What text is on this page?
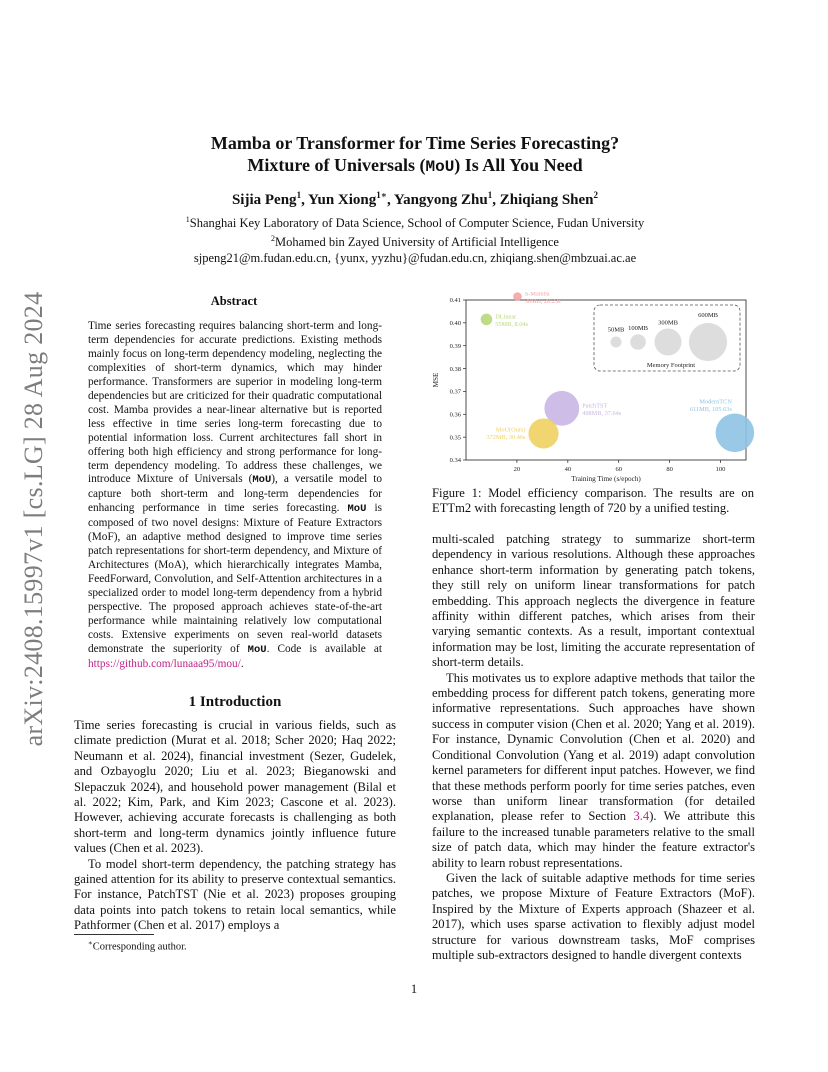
arXiv:2408.15997v1 [cs.LG] 28 Aug 2024
Mamba or Transformer for Time Series Forecasting?
Mixture of Universals (MoU) Is All You Need
Sijia Peng$^1$, Yun Xiong$^{1∗}$, Yangyong Zhu$^1$, Zhiqiang Shen$^2$
$^1$Shanghai Key Laboratory of Data Science, School of Computer Science, Fudan University
$^2$Mohamed bin Zayed University of Artificial Intelligence
sjpeng21@m.fudan.edu.cn, {yunx, yyzhu}@fudan.edu.cn, zhiqiang.shen@mbzuai.ac.ae
Abstract
Time series forecasting requires balancing short-term and long-term dependencies for accurate predictions. Existing methods mainly focus on long-term dependency modeling, neglecting the complexities of short-term dynamics, which may hinder performance. Transformers are superior in modeling long-term dependencies but are criticized for their quadratic computational cost. Mamba provides a near-linear alternative but is reported less effective in time series long-term forecasting due to potential information loss. Current architectures fall short in offering both high efficiency and strong performance for long-term dependency modeling. To address these challenges, we introduce Mixture of Universals (MoU), a versatile model to capture both short-term and long-term dependencies for enhancing performance in time series forecasting. MoU is composed of two novel designs: Mixture of Feature Extractors (MoF), an adaptive method designed to improve time series patch representations for short-term dependency, and Mixture of Architectures (MoA), which hierarchically integrates Mamba, FeedForward, Convolution, and Self-Attention architectures in a specialized order to model long-term dependency from a hybrid perspective. The proposed approach achieves state-of-the-art performance while maintaining relatively low computational costs. Extensive experiments on seven real-world datasets demonstrate the superiority of MoU. Code is available at https://github.com/lunaaa95/mou/.
1 Introduction

Time series forecasting is crucial in various fields, such as climate prediction (Murat et al. 2018; Scher 2020; Haq 2022; Neumann et al. 2024), financial investment (Sezer, Gudelek, and Ozbayoglu 2020; Liu et al. 2023; Bieganowski and Slepaczuk 2024), and household power management (Bilal et al. 2022; Kim, Park, and Kim 2023; Cascone et al. 2023). However, achieving accurate forecasts is challenging as both short-term and long-term dynamics jointly influence future values (Chen et al. 2023).

To model short-term dependency, the patching strategy has gained attention for its ability to preserve contextual semantics. For instance, PatchTST (Nie et al. 2023) proposes grouping data points into patch tokens to retain local semantics, while Pathformer (Chen et al. 2017) employs a

∗Corresponding author.
20	40	60	80	100
0.34
0.35
0.36
0.37
0.38
0.39
0.40
0.41
Training Time (s/epoch)
MSE
S-Mamba
30MB, 20.23s
DLinear
55MB, 8.04s
PatchTST
498MB, 37.64s
MoU(Ours)
372MB, 30.46s
ModernTCN
611MB, 105.63s
50MB 100MB
300MB
600MB
Memory Footprint
Figure 1: Model efficiency comparison. The results are on ETTm2 with forecasting length of 720 by a unified testing.

multi-scaled patching strategy to summarize short-term dependency in various resolutions. Although these approaches enhance short-term information by generating patch tokens, they still rely on uniform linear transformations for patch embedding. This approach neglects the divergence in feature affinity within different patches, which arises from their varying semantic contexts. As a result, important contextual information may be lost, limiting the accurate representation of short-term details.

This motivates us to explore adaptive methods that tailor the embedding process for different patch tokens, generating more informative representations. Such approaches have shown success in computer vision (Chen et al. 2020; Yang et al. 2019). For instance, Dynamic Convolution (Chen et al. 2020) and Conditional Convolution (Yang et al. 2019) adapt convolution kernel parameters for different input patches. However, we find that these methods perform poorly for time series patches, even worse than uniform linear transformation (for detailed explanation, please refer to Section 3.4). We attribute this failure to the increased tunable parameters relative to the small size of patch data, which may hinder the feature extractor's ability to learn robust representations.

Given the lack of suitable adaptive methods for time series patches, we propose Mixture of Feature Extractors (MoF). Inspired by the Mixture of Experts approach (Shazeer et al. 2017), which uses sparse activation to flexibly adjust model structure for various downstream tasks, MoF comprises multiple sub-extractors designed to handle divergent contexts

1
